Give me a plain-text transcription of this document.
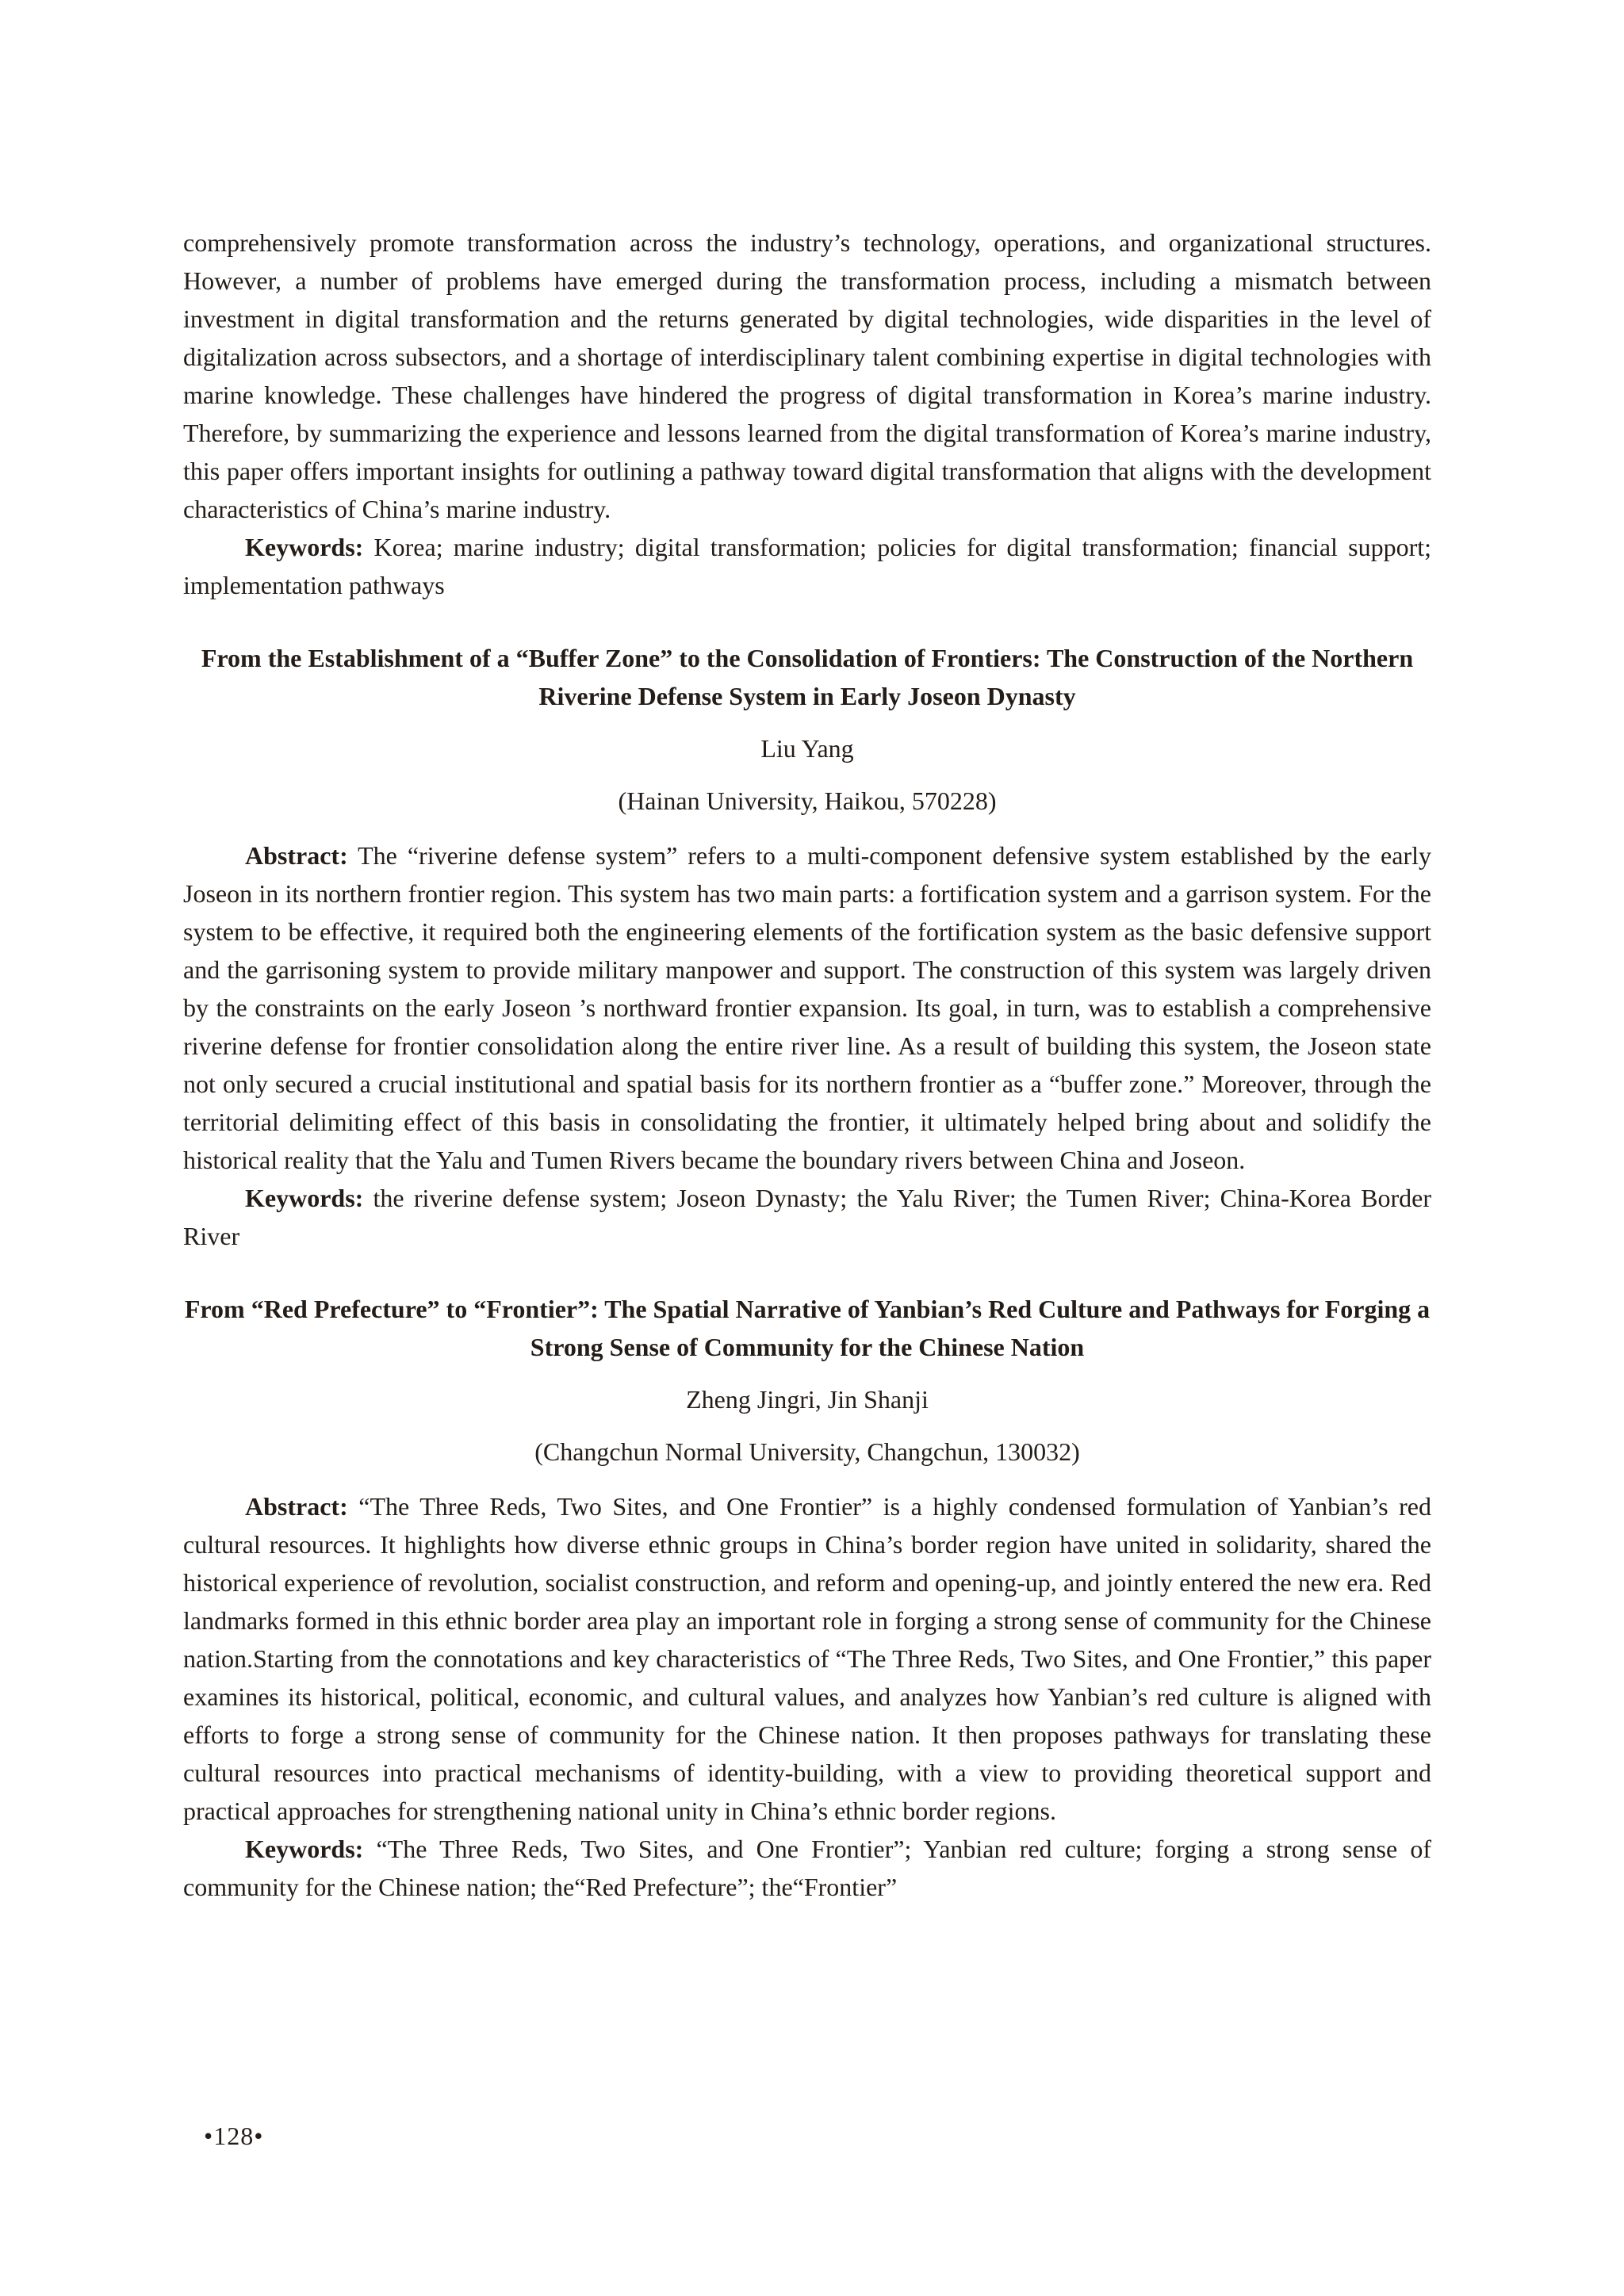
comprehensively promote transformation across the industry’s technology, operations, and organizational structures. However, a number of problems have emerged during the transformation process, including a mismatch between investment in digital transformation and the returns generated by digital technologies, wide disparities in the level of digitalization across subsectors, and a shortage of interdisciplinary talent combining expertise in digital technologies with marine knowledge. These challenges have hindered the progress of digital transformation in Korea’s marine industry. Therefore, by summarizing the experience and lessons learned from the digital transformation of Korea’s marine industry, this paper offers important insights for outlining a pathway toward digital transformation that aligns with the development characteristics of China’s marine industry.

Keywords: Korea; marine industry; digital transformation; policies for digital transformation; financial support; implementation pathways

From the Establishment of a “Buffer Zone” to the Consolidation of Frontiers: The Construction of the Northern Riverine Defense System in Early Joseon Dynasty

Liu Yang

(Hainan University, Haikou, 570228)

Abstract: The “riverine defense system” refers to a multi-component defensive system established by the early Joseon in its northern frontier region. This system has two main parts: a fortification system and a garrison system. For the system to be effective, it required both the engineering elements of the fortification system as the basic defensive support and the garrisoning system to provide military manpower and support. The construction of this system was largely driven by the constraints on the early Joseon ’s northward frontier expansion. Its goal, in turn, was to establish a comprehensive riverine defense for frontier consolidation along the entire river line. As a result of building this system, the Joseon state not only secured a crucial institutional and spatial basis for its northern frontier as a “buffer zone.” Moreover, through the territorial delimiting effect of this basis in consolidating the frontier, it ultimately helped bring about and solidify the historical reality that the Yalu and Tumen Rivers became the boundary rivers between China and Joseon.

Keywords: the riverine defense system; Joseon Dynasty; the Yalu River; the Tumen River; China-Korea Border River

From “Red Prefecture” to “Frontier”: The Spatial Narrative of Yanbian’s Red Culture and Pathways for Forging a Strong Sense of Community for the Chinese Nation

Zheng Jingri, Jin Shanji

(Changchun Normal University, Changchun, 130032)

Abstract: “The Three Reds, Two Sites, and One Frontier” is a highly condensed formulation of Yanbian’s red cultural resources. It highlights how diverse ethnic groups in China’s border region have united in solidarity, shared the historical experience of revolution, socialist construction, and reform and opening-up, and jointly entered the new era. Red landmarks formed in this ethnic border area play an important role in forging a strong sense of community for the Chinese nation.Starting from the connotations and key characteristics of “The Three Reds, Two Sites, and One Frontier,” this paper examines its historical, political, economic, and cultural values, and analyzes how Yanbian’s red culture is aligned with efforts to forge a strong sense of community for the Chinese nation. It then proposes pathways for translating these cultural resources into practical mechanisms of identity-building, with a view to providing theoretical support and practical approaches for strengthening national unity in China’s ethnic border regions.

Keywords: “The Three Reds, Two Sites, and One Frontier”; Yanbian red culture; forging a strong sense of community for the Chinese nation; the“Red Prefecture”; the“Frontier”

•128•
